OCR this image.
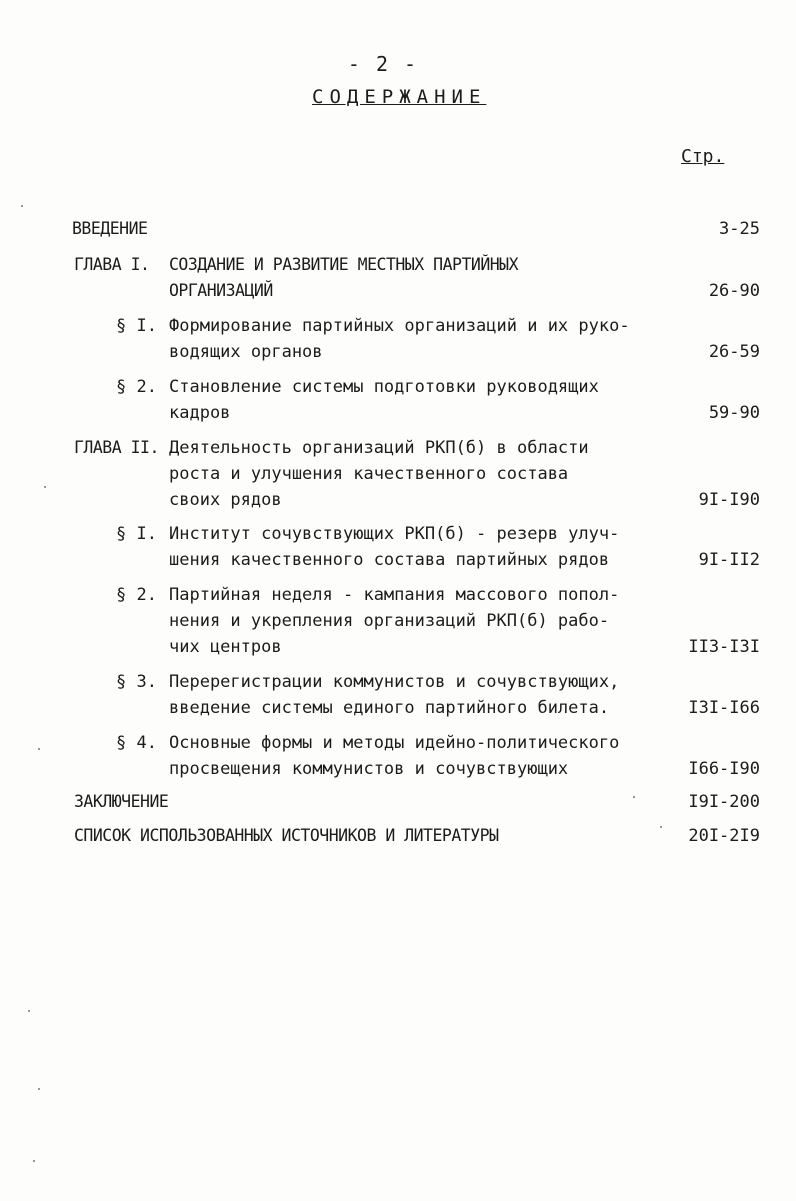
- 2 -
СОДЕРЖАНИЕ
Стр.
ВВЕДЕНИЕ	3-25
ГЛАВА I. СОЗДАНИЕ И РАЗВИТИЕ МЕСТНЫХ ПАРТИЙНЫХ
ОРГАНИЗАЦИЙ	26-90
§ I. Формирование партийных организаций и их руко-
водящих органов	26-59
§ 2. Становление системы подготовки руководящих
кадров	59-90
ГЛАВА II. Деятельность организаций РКП(б) в области
роста и улучшения качественного состава
своих рядов	9I-I90
§ I. Институт сочувствующих РКП(б) - резерв улуч-
шения качественного состава партийных рядов	9I-II2
§ 2. Партийная неделя - кампания массового попол-
нения и укрепления организаций РКП(б) рабо-
чих центров	II3-I3I
§ 3. Перерегистрации коммунистов и сочувствующих,
введение системы единого партийного билета.	I3I-I66
§ 4. Основные формы и методы идейно-политического
просвещения коммунистов и сочувствующих	I66-I90
ЗАКЛЮЧЕНИЕ	I9I-200
СПИСОК ИСПОЛЬЗОВАННЫХ ИСТОЧНИКОВ И ЛИТЕРАТУРЫ	20I-2I9
